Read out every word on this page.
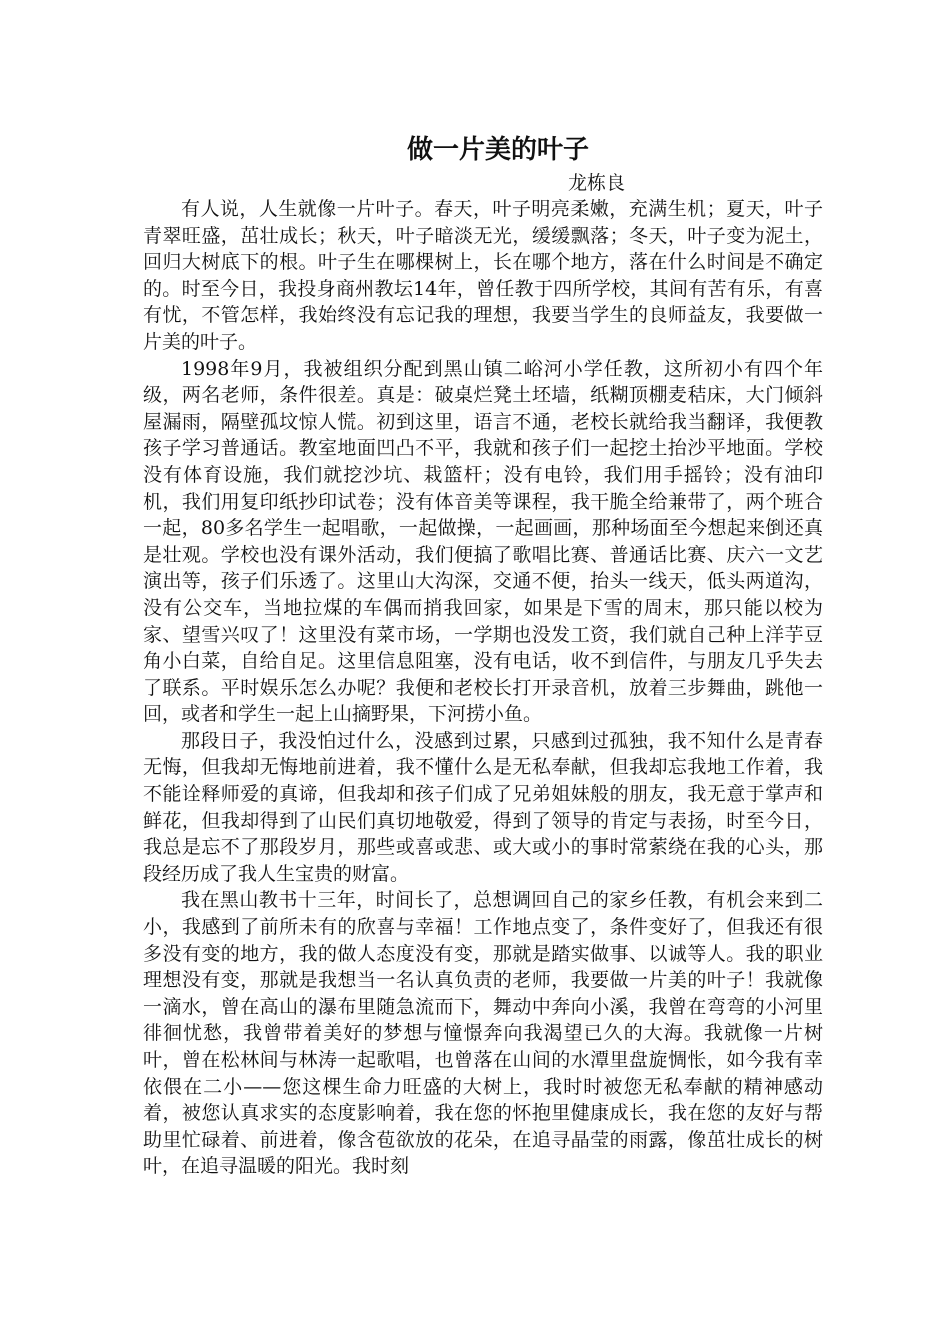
做一片美的叶子

龙栋良

有人说，人生就像一片叶子。春天，叶子明亮柔嫩，充满生机；夏天，叶子青翠旺盛，茁壮成长；秋天，叶子暗淡无光，缓缓飘落；冬天，叶子变为泥土，回归大树底下的根。叶子生在哪棵树上，长在哪个地方，落在什么时间是不确定的。时至今日，我投身商州教坛14年，曾任教于四所学校，其间有苦有乐，有喜有忧，不管怎样，我始终没有忘记我的理想，我要当学生的良师益友，我要做一片美的叶子。

1998年9月，我被组织分配到黑山镇二峪河小学任教，这所初小有四个年级，两名老师，条件很差。真是：破桌烂凳土坯墙，纸糊顶棚麦秸床，大门倾斜屋漏雨，隔壁孤坟惊人慌。初到这里，语言不通，老校长就给我当翻译，我便教孩子学习普通话。教室地面凹凸不平，我就和孩子们一起挖土抬沙平地面。学校没有体育设施，我们就挖沙坑、栽篮杆；没有电铃，我们用手摇铃；没有油印机，我们用复印纸抄印试卷；没有体音美等课程，我干脆全给兼带了，两个班合一起，80多名学生一起唱歌，一起做操，一起画画，那种场面至今想起来倒还真是壮观。学校也没有课外活动，我们便搞了歌唱比赛、普通话比赛、庆六一文艺演出等，孩子们乐透了。这里山大沟深，交通不便，抬头一线天，低头两道沟，没有公交车，当地拉煤的车偶而捎我回家，如果是下雪的周末，那只能以校为家、望雪兴叹了！这里没有菜市场，一学期也没发工资，我们就自己种上洋芋豆角小白菜，自给自足。这里信息阻塞，没有电话，收不到信件，与朋友几乎失去了联系。平时娱乐怎么办呢？我便和老校长打开录音机，放着三步舞曲，跳他一回，或者和学生一起上山摘野果，下河捞小鱼。

那段日子，我没怕过什么，没感到过累，只感到过孤独，我不知什么是青春无悔，但我却无悔地前进着，我不懂什么是无私奉献，但我却忘我地工作着，我不能诠释师爱的真谛，但我却和孩子们成了兄弟姐妹般的朋友，我无意于掌声和鲜花，但我却得到了山民们真切地敬爱，得到了领导的肯定与表扬，时至今日，我总是忘不了那段岁月，那些或喜或悲、或大或小的事时常萦绕在我的心头，那段经历成了我人生宝贵的财富。

我在黑山教书十三年，时间长了，总想调回自己的家乡任教，有机会来到二小，我感到了前所未有的欣喜与幸福！工作地点变了，条件变好了，但我还有很多没有变的地方，我的做人态度没有变，那就是踏实做事、以诚等人。我的职业理想没有变，那就是我想当一名认真负责的老师，我要做一片美的叶子！我就像一滴水，曾在高山的瀑布里随急流而下，舞动中奔向小溪，我曾在弯弯的小河里徘徊忧愁，我曾带着美好的梦想与憧憬奔向我渴望已久的大海。我就像一片树叶，曾在松林间与林涛一起歌唱，也曾落在山间的水潭里盘旋惆怅，如今我有幸依偎在二小——您这棵生命力旺盛的大树上，我时时被您无私奉献的精神感动着，被您认真求实的态度影响着，我在您的怀抱里健康成长，我在您的友好与帮助里忙碌着、前进着，像含苞欲放的花朵，在追寻晶莹的雨露，像茁壮成长的树叶，在追寻温暖的阳光。我时刻
